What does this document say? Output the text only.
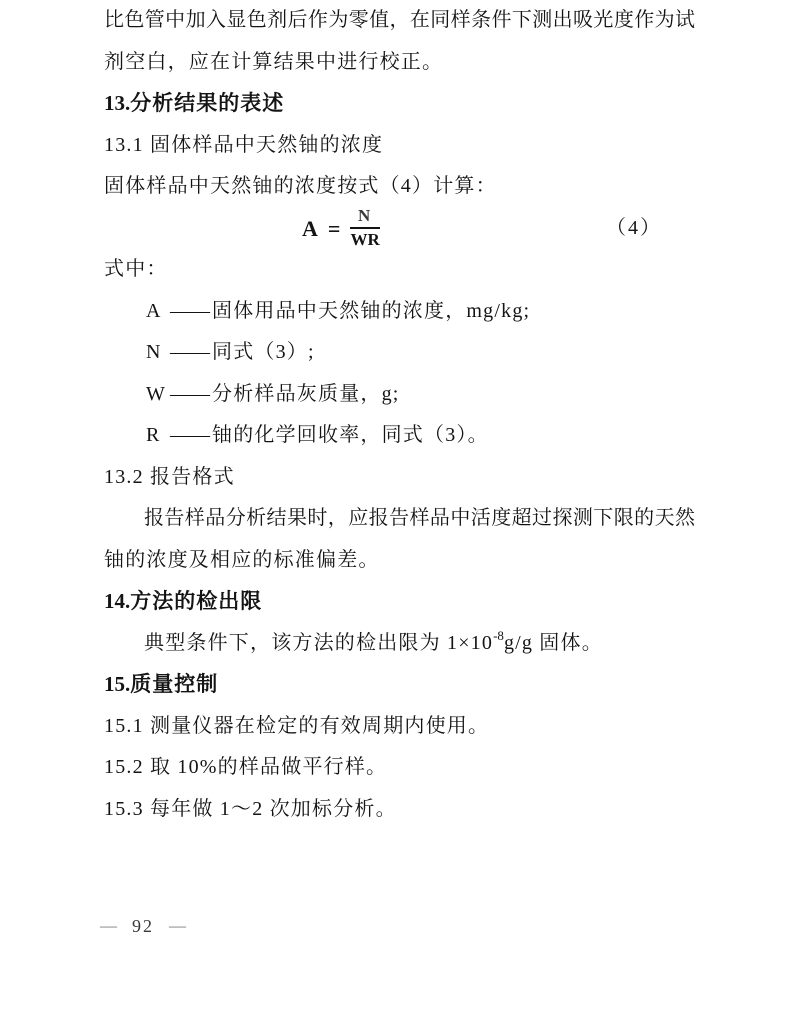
比色管中加入显色剂后作为零值，在同样条件下测出吸光度作为试
剂空白，应在计算结果中进行校正。
13.分析结果的表述
13.1 固体样品中天然铀的浓度
固体样品中天然铀的浓度按式（4）计算：
$A = \frac{N}{WR}$	（4）
式中：
A —— 固体用品中天然铀的浓度，mg/kg;
N —— 同式（3）;
W —— 分析样品灰质量，g;
R —— 铀的化学回收率，同式（3）。
13.2 报告格式
报告样品分析结果时，应报告样品中活度超过探测下限的天然
铀的浓度及相应的标准偏差。
14.方法的检出限
典型条件下，该方法的检出限为 $1\times 10^{-8}g/g$ 固体。
15.质量控制
15.1 测量仪器在检定的有效周期内使用。
15.2 取 10%的样品做平行样。
15.3 每年做 1～2 次加标分析。
— 92 —
